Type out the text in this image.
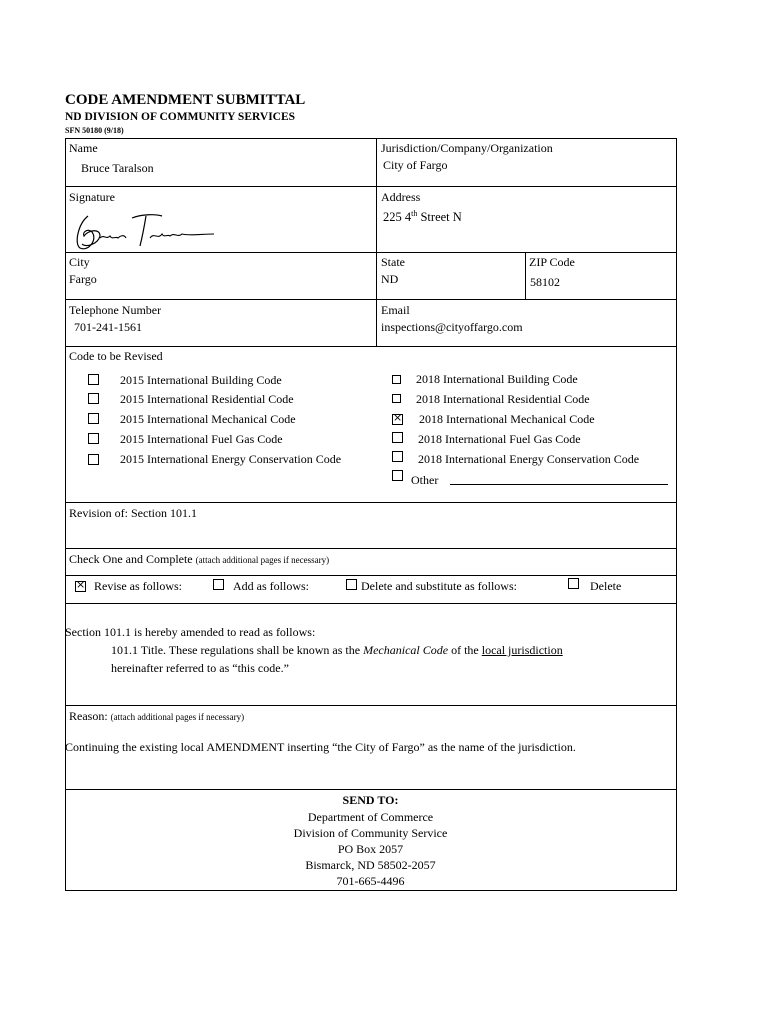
CODE AMENDMENT SUBMITTAL
ND DIVISION OF COMMUNITY SERVICES
SFN 50180 (9/18)
Name
Bruce Taralson
Jurisdiction/Company/Organization
City of Fargo
Signature	Address
225 4th Street N
City
Fargo
State
ND
ZIP Code
58102
Telephone Number
701-241-1561
Email
inspections@cityoffargo.com
Code to be Revised
2015 International Building Code
2015 International Residential Code
2015 International Mechanical Code
2015 International Fuel Gas Code
2015 International Energy Conservation Code
2018 International Building Code
2018 International Residential Code
×
2018 International Mechanical Code
2018 International Fuel Gas Code
2018 International Energy Conservation Code
Other
Revision of: Section 101.1
Check One and Complete (attach additional pages if necessary)
×
Revise as follows:	Add as follows:	Delete and substitute as follows:	Delete
Section 101.1 is hereby amended to read as follows:
101.1 Title. These regulations shall be known as the Mechanical Code of the local jurisdiction
hereinafter referred to as “this code.”
Reason: (attach additional pages if necessary)
Continuing the existing local AMENDMENT inserting “the City of Fargo” as the name of the jurisdiction.
SEND TO:
Department of Commerce
Division of Community Service
PO Box 2057
Bismarck, ND 58502-2057
701-665-4496
